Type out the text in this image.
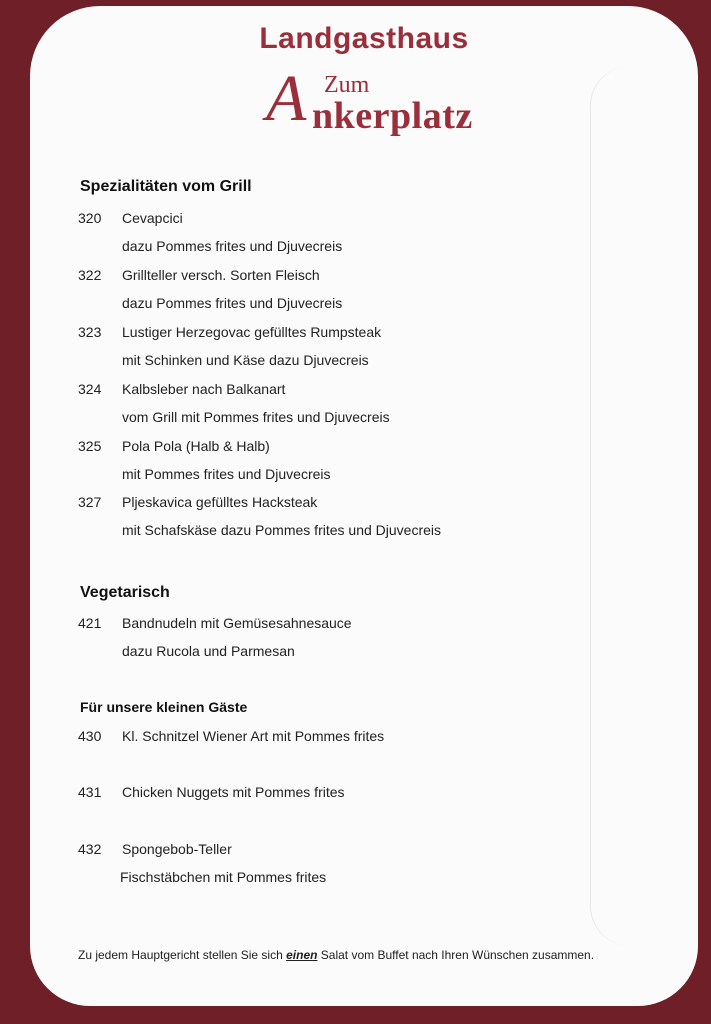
Landgasthaus
A Zum
nkerplatz
Spezialitäten vom Grill
320 Cevapcici
dazu Pommes frites und Djuvecreis
322 Grillteller versch. Sorten Fleisch
dazu Pommes frites und Djuvecreis
323 Lustiger Herzegovac gefülltes Rumpsteak
mit Schinken und Käse dazu Djuvecreis
324 Kalbsleber nach Balkanart
vom Grill mit Pommes frites und Djuvecreis
325 Pola Pola (Halb & Halb)
mit Pommes frites und Djuvecreis
327 Pljeskavica gefülltes Hacksteak
mit Schafskäse dazu Pommes frites und Djuvecreis
Vegetarisch
421 Bandnudeln mit Gemüsesahnesauce
dazu Rucola und Parmesan
Für unsere kleinen Gäste
430 Kl. Schnitzel Wiener Art mit Pommes frites
431 Chicken Nuggets mit Pommes frites
432 Spongebob-Teller
Fischstäbchen mit Pommes frites
Zu jedem Hauptgericht stellen Sie sich einen Salat vom Buffet nach Ihren Wünschen zusammen.
